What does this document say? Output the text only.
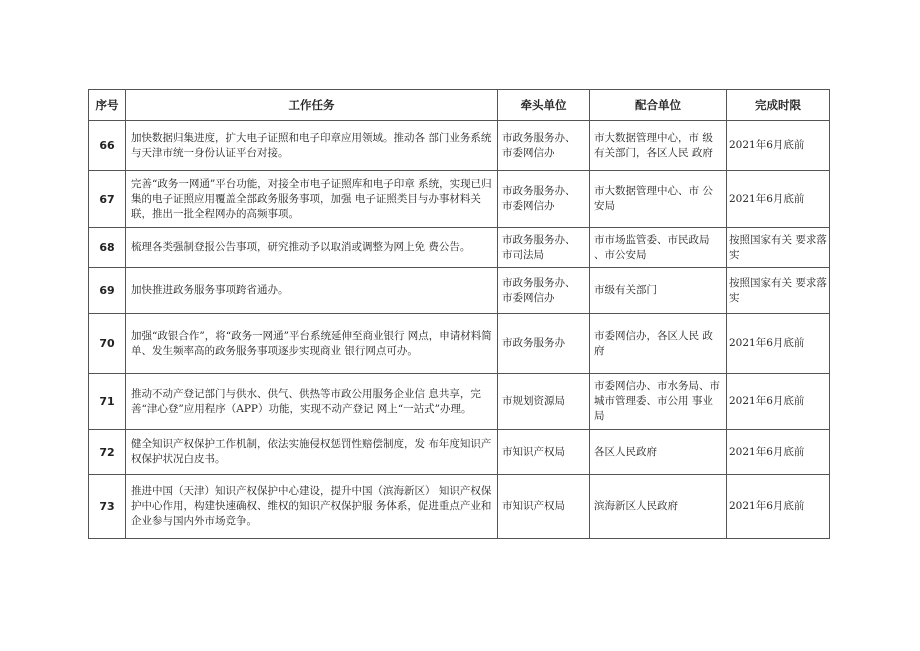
序号	工作任务	牵头单位	配合单位	完成时限
66	加快数据归集进度，扩大电子证照和电子印章应用领域。推动各 部门业务系统与天津市统一身份认证平台对接。	市政务服务办、市委网信办	市大数据管理中心，市 级有关部门，各区人民 政府	2021年6月底前
67	完善“政务一网通”平台功能，对接全市电子证照库和电子印章 系统，实现已归集的电子证照应用覆盖全部政务服务事项，加强 电子证照类目与办事材料关联，推出一批全程网办的高频事项。	市政务服务办、市委网信办	市大数据管理中心、市 公安局	2021年6月底前
68	梳理各类强制登报公告事项，研究推动予以取消或调整为网上免 费公告。	市政务服务办、市司法局	市市场监管委、市民政局 、市公安局	按照国家有关 要求落实
69	加快推进政务服务事项跨省通办。	市政务服务办、市委网信办	市级有关部门	按照国家有关 要求落实
70	加强“政银合作”，将“政务一网通”平台系统延伸至商业银行 网点，申请材料简单、发生频率高的政务服务事项逐步实现商业 银行网点可办。	市政务服务办	市委网信办，各区人民 政府	2021年6月底前
71	推动不动产登记部门与供水、供气、供热等市政公用服务企业信 息共享，完善“津心登”应用程序（APP）功能，实现不动产登记 网上“一站式”办理。	市规划资源局	市委网信办、市水务局、市城市管理委、市公用 事业局	2021年6月底前
72	健全知识产权保护工作机制，依法实施侵权惩罚性赔偿制度，发 布年度知识产权保护状况白皮书。	市知识产权局	各区人民政府	2021年6月底前
73	推进中国（天津）知识产权保护中心建设，提升中国（滨海新区） 知识产权保护中心作用，构建快速确权、维权的知识产权保护服 务体系，促进重点产业和企业参与国内外市场竞争。	市知识产权局	滨海新区人民政府	2021年6月底前
